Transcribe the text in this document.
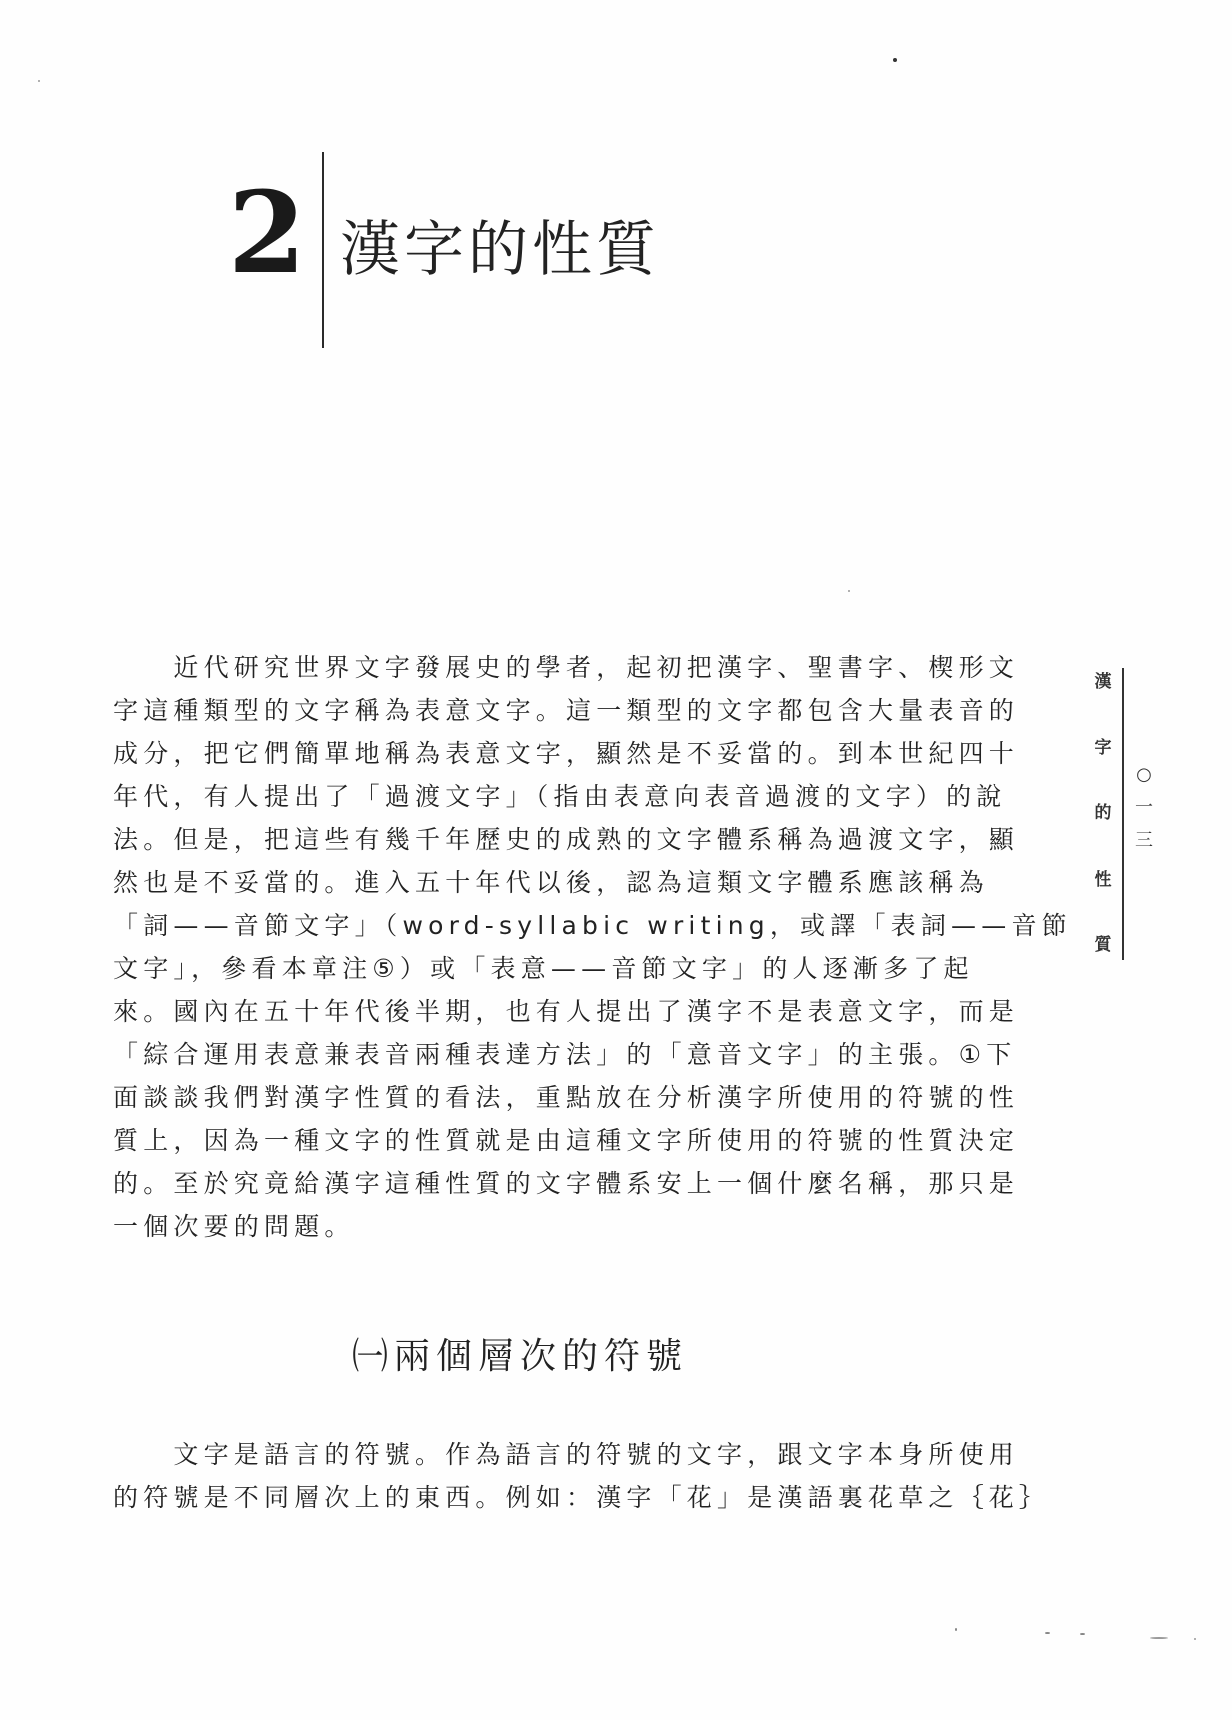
2 漢字的性質
　　近代研究世界文字發展史的學者，起初把漢字、聖書字、楔形文
字這種類型的文字稱為表意文字。這一類型的文字都包含大量表音的
成分，把它們簡單地稱為表意文字，顯然是不妥當的。到本世紀四十
年代，有人提出了「過渡文字」（指由表意向表音過渡的文字）的說
法。但是，把這些有幾千年歷史的成熟的文字體系稱為過渡文字，顯
然也是不妥當的。進入五十年代以後，認為這類文字體系應該稱為
「詞——音節文字」（word-syllabic writing，或譯「表詞——音節
文字」，參看本章注⑤）或「表意——音節文字」的人逐漸多了起
來。國內在五十年代後半期，也有人提出了漢字不是表意文字，而是
「綜合運用表意兼表音兩種表達方法」的「意音文字」的主張。①下
面談談我們對漢字性質的看法，重點放在分析漢字所使用的符號的性
質上，因為一種文字的性質就是由這種文字所使用的符號的性質決定
的。至於究竟給漢字這種性質的文字體系安上一個什麼名稱，那只是
一個次要的問題。
㈠兩個層次的符號
　　文字是語言的符號。作為語言的符號的文字，跟文字本身所使用
的符號是不同層次上的東西。例如：漢字「花」是漢語裏花草之｛花｝
漢
字
的
性
質
○
一
三
